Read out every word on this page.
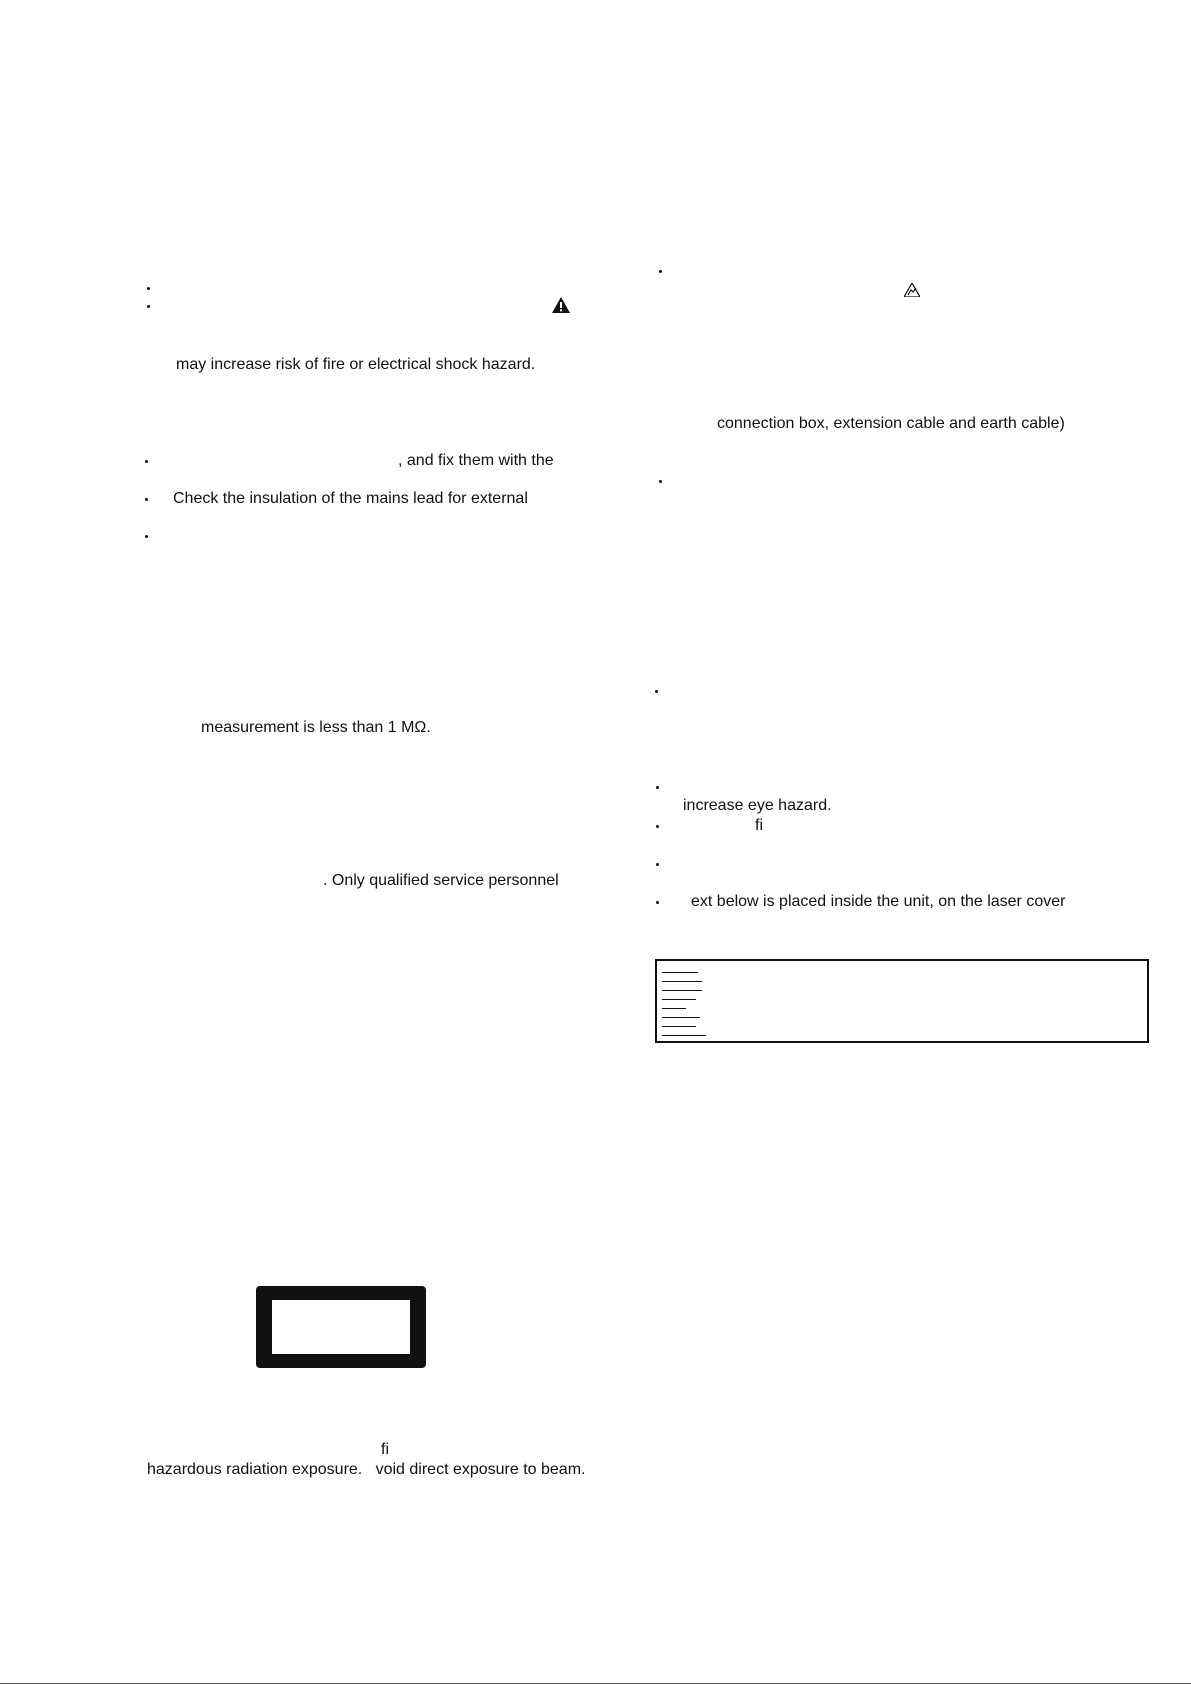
may increase risk of fire or electrical shock hazard.
, and fix them with the
Check the insulation of the mains lead for external
measurement is less than 1 MΩ.
. Only qualified service personnel
fi
hazardous radiation exposure.   void direct exposure to beam.
connection box, extension cable and earth cable)
increase eye hazard.
fi
ext below is placed inside the unit, on the laser cover
